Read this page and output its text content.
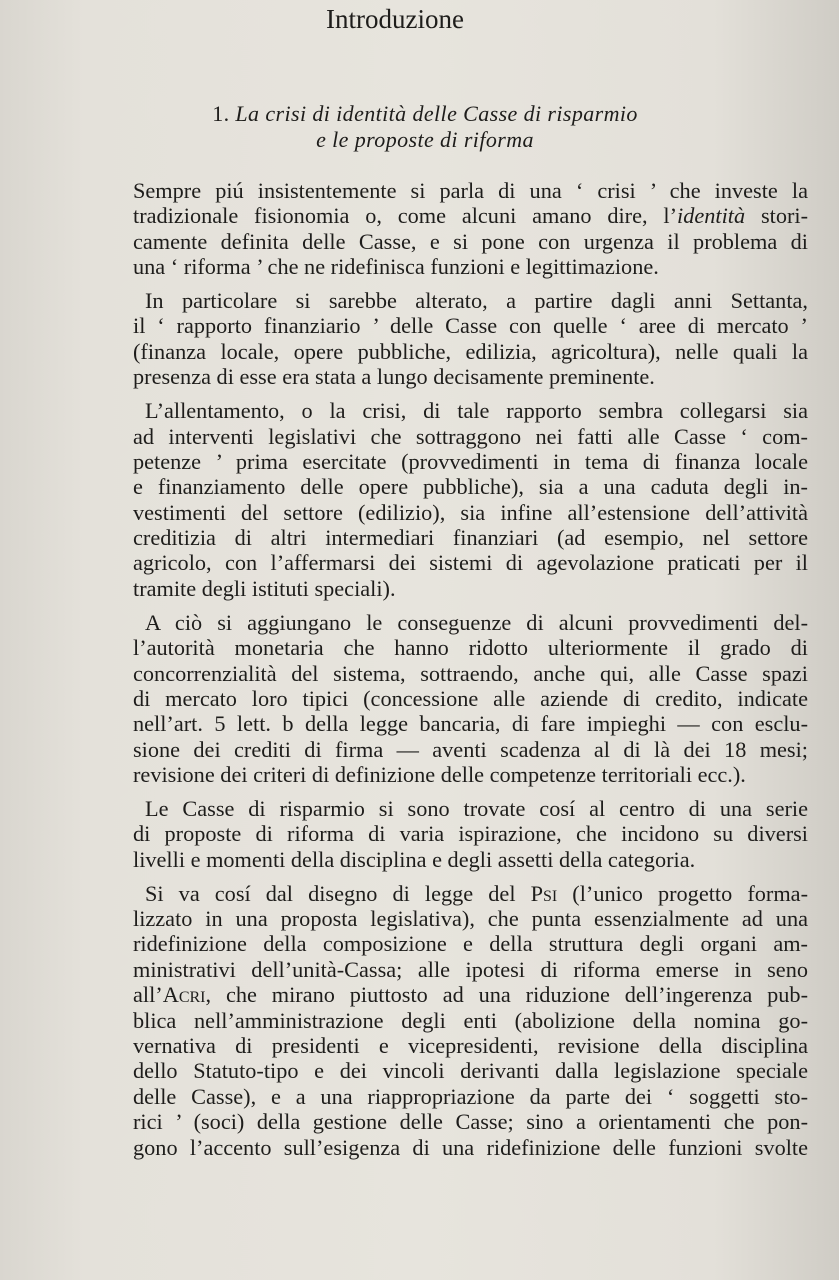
Introduzione
1. La crisi di identità delle Casse di risparmio
e le proposte di riforma
Sempre piú insistentemente si parla di una ‘ crisi ’ che investe la
tradizionale fisionomia o, come alcuni amano dire, l’identità stori-
camente definita delle Casse, e si pone con urgenza il problema di
una ‘ riforma ’ che ne ridefinisca funzioni e legittimazione.
In particolare si sarebbe alterato, a partire dagli anni Settanta,
il ‘ rapporto finanziario ’ delle Casse con quelle ‘ aree di mercato ’
(finanza locale, opere pubbliche, edilizia, agricoltura), nelle quali la
presenza di esse era stata a lungo decisamente preminente.
L’allentamento, o la crisi, di tale rapporto sembra collegarsi sia
ad interventi legislativi che sottraggono nei fatti alle Casse ‘ com-
petenze ’ prima esercitate (provvedimenti in tema di finanza locale
e finanziamento delle opere pubbliche), sia a una caduta degli in-
vestimenti del settore (edilizio), sia infine all’estensione dell’attività
creditizia di altri intermediari finanziari (ad esempio, nel settore
agricolo, con l’affermarsi dei sistemi di agevolazione praticati per il
tramite degli istituti speciali).
A ciò si aggiungano le conseguenze di alcuni provvedimenti del-
l’autorità monetaria che hanno ridotto ulteriormente il grado di
concorrenzialità del sistema, sottraendo, anche qui, alle Casse spazi
di mercato loro tipici (concessione alle aziende di credito, indicate
nell’art. 5 lett. b della legge bancaria, di fare impieghi — con esclu-
sione dei crediti di firma — aventi scadenza al di là dei 18 mesi;
revisione dei criteri di definizione delle competenze territoriali ecc.).
Le Casse di risparmio si sono trovate cosí al centro di una serie
di proposte di riforma di varia ispirazione, che incidono su diversi
livelli e momenti della disciplina e degli assetti della categoria.
Si va cosí dal disegno di legge del Psi (l’unico progetto forma-
lizzato in una proposta legislativa), che punta essenzialmente ad una
ridefinizione della composizione e della struttura degli organi am-
ministrativi dell’unità-Cassa; alle ipotesi di riforma emerse in seno
all’Acri, che mirano piuttosto ad una riduzione dell’ingerenza pub-
blica nell’amministrazione degli enti (abolizione della nomina go-
vernativa di presidenti e vicepresidenti, revisione della disciplina
dello Statuto-tipo e dei vincoli derivanti dalla legislazione speciale
delle Casse), e a una riappropriazione da parte dei ‘ soggetti sto-
rici ’ (soci) della gestione delle Casse; sino a orientamenti che pon-
gono l’accento sull’esigenza di una ridefinizione delle funzioni svolte
